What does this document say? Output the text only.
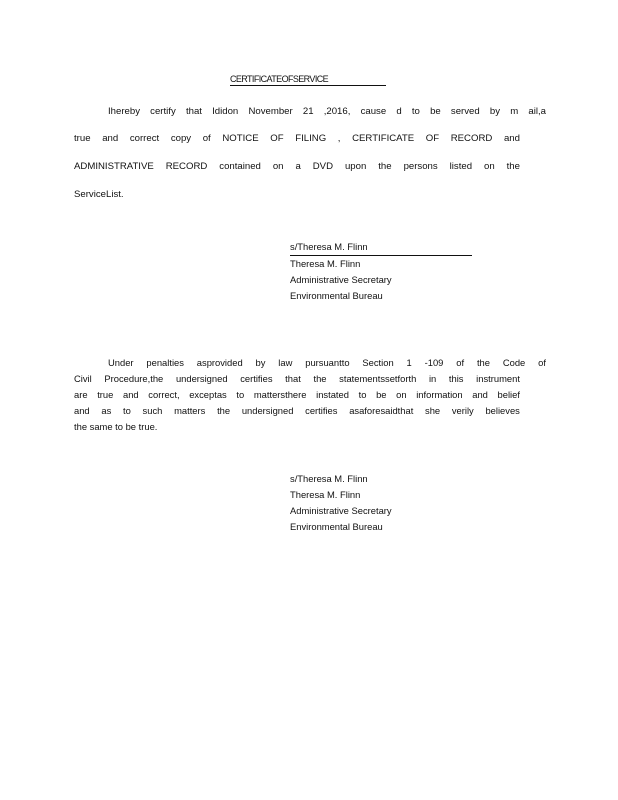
CERTIFICATEOFSERVICE
Ihereby certify that Ididon November 21 ,2016, cause d to be served by m ail,a
true and correct copy of NOTICE OF FILING , CERTIFICATE OF RECORD and
ADMINISTRATIVE RECORD contained on a DVD upon the persons listed on the
ServiceList.
s/Theresa M. Flinn
Theresa M. Flinn
Administrative Secretary
Environmental Bureau
Under penalties asprovided by law pursuantto Section 1 -109 of the Code of
Civil Procedure,the undersigned certifies that the statementssetforth in this instrument
are true and correct, exceptas to mattersthere instated to be on information and belief
and as to such matters the undersigned certifies asaforesaidthat she verily believes
the same to be true.
s/Theresa M. Flinn
Theresa M. Flinn
Administrative Secretary
Environmental Bureau
